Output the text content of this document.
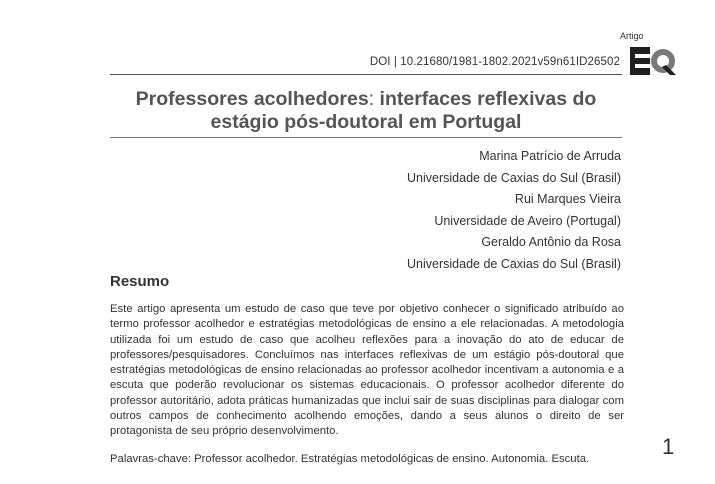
Artigo
DOI | 10.21680/1981-1802.2021v59n61ID26502
Professores acolhedores: interfaces reflexivas do estágio pós-doutoral em Portugal
Marina Patrício de Arruda
Universidade de Caxias do Sul (Brasil)
Rui Marques Vieira
Universidade de Aveiro (Portugal)
Geraldo Antônio da Rosa
Universidade de Caxias do Sul (Brasil)
Resumo

Este artigo apresenta um estudo de caso que teve por objetivo conhecer o significado atribuído ao termo professor acolhedor e estratégias metodológicas de ensino a ele relacionadas. A metodologia utilizada foi um estudo de caso que acolheu reflexões para a inovação do ato de educar de professores/pesquisadores. Concluímos nas interfaces reflexivas de um estágio pós-doutoral que estratégias metodológicas de ensino relacionadas ao professor acolhedor incentivam a autonomia e a escuta que poderão revolucionar os sistemas educacionais. O professor acolhedor diferente do professor autoritário, adota práticas humanizadas que inclui sair de suas disciplinas para dialogar com outros campos de conhecimento acolhendo emoções, dando a seus alunos o direito de ser protagonista de seu próprio desenvolvimento.

Palavras-chave: Professor acolhedor. Estratégias metodológicas de ensino. Autonomia. Escuta.	1
